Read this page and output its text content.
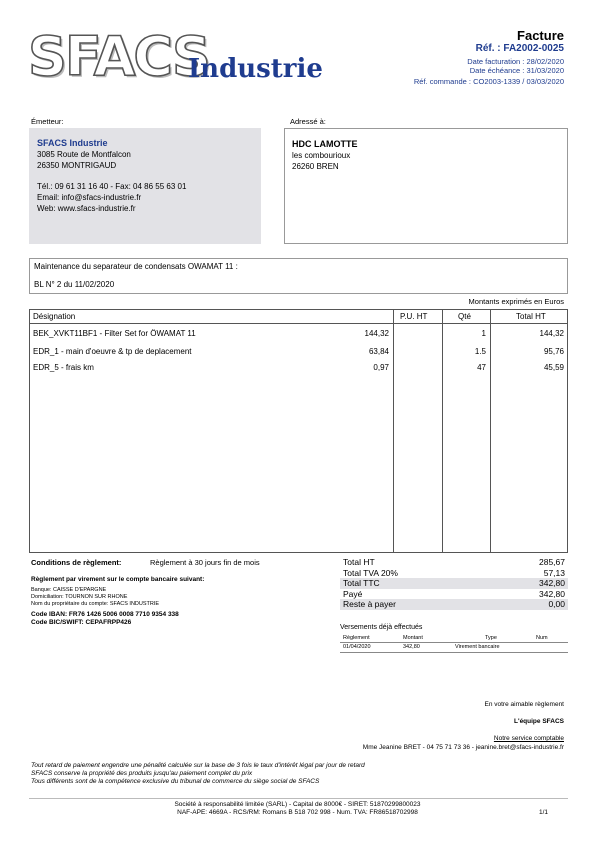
SFACS
Industrie
Facture
Réf. : FA2002-0025
Date facturation : 28/02/2020
Date échéance : 31/03/2020
Réf. commande : CO2003-1339 / 03/03/2020
Émetteur:	Adressé à:
SFACS Industrie
3085 Route de Montfalcon
26350 MONTRIGAUD
Tél.: 09 61 31 16 40 - Fax: 04 86 55 63 01
Email: info@sfacs-industrie.fr
Web: www.sfacs-industrie.fr
HDC LAMOTTE
les combourioux
26260 BREN
Maintenance du separateur de condensats OWAMAT 11 :
BL N° 2 du 11/02/2020
Montants exprimés en Euros
Désignation	P.U. HT	Qté	Total HT
BEK_XVKT11BF1 - Filter Set for ÖWAMAT 11	144,32	1	144,32
EDR_1 - main d'oeuvre & tp de deplacement	63,84	1.5	95,76
EDR_5 - frais km	0,97	47	45,59
Conditions de règlement:	Règlement à 30 jours fin de mois
Règlement par virement sur le compte bancaire suivant:
Banque: CAISSE D'EPARGNE
Domiciliation: TOURNON SUR RHONE
Nom du propriétaire du compte: SFACS INDUSTRIE
Code IBAN: FR76 1426 5006 0008 7710 9354 338
Code BIC/SWIFT: CEPAFRPP426
Total HT	285,67
Total TVA 20%	57,13
Total TTC	342,80
Payé	342,80
Reste à payer	0,00
Versements déjà effectués
Règlement	Montant	Type	Num
01/04/2020	342,80	Virement bancaire
En votre aimable règlement
L'équipe SFACS
Notre service comptable
Mme Jeanine BRET - 04 75 71 73 36 - jeanine.bret@sfacs-industrie.fr
Tout retard de paiement engendre une pénalité calculée sur la base de 3 fois le taux d'intérêt légal par jour de retard
SFACS conserve la propriété des produits jusqu'au paiement complet du prix
Tous différents sont de la compétence exclusive du tribunal de commerce du siège social de SFACS
Société à responsabilité limitée (SARL) - Capital de 8000€ - SIRET: 51870299800023
NAF-APE: 4669A - RCS/RM: Romans B 518 702 998 - Num. TVA: FR86518702998	1/1
